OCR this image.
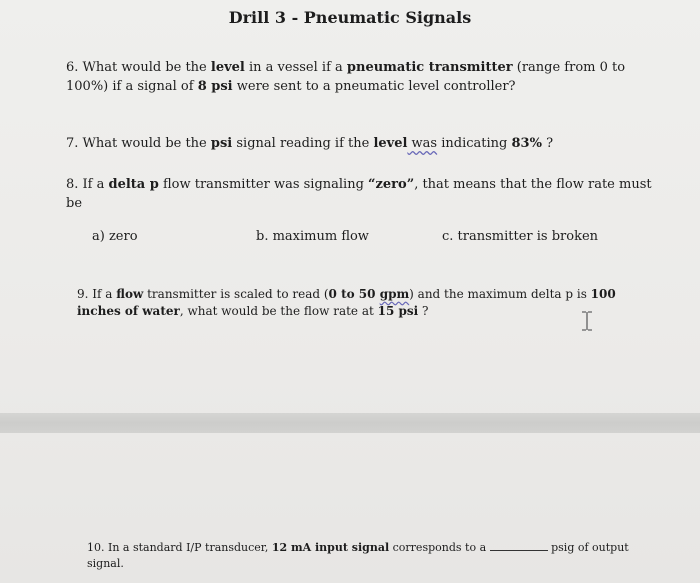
Drill 3 - Pneumatic Signals
6. What would be the level in a vessel if a pneumatic transmitter (range from 0 to 100%) if a signal of 8 psi were sent to a pneumatic level controller?
7. What would be the psi signal reading if the level was indicating 83% ?
8. If a delta p flow transmitter was signaling “zero”, that means that the flow rate must be
a) zero	b. maximum flow	c. transmitter is broken
9. If a flow transmitter is scaled to read (0 to 50 gpm) and the maximum delta p is 100 inches of water, what would be the flow rate at 15 psi ?
10. In a standard I/P transducer, 12 mA input signal corresponds to a	psig of output signal.
